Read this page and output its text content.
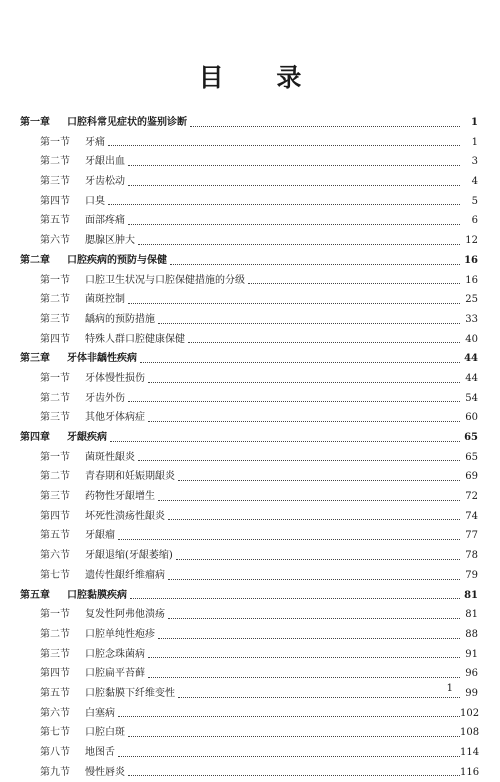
目 录
第一章	口腔科常见症状的鉴别诊断	1
第一节	牙痛	1
第二节	牙龈出血	3
第三节	牙齿松动	4
第四节	口臭	5
第五节	面部疼痛	6
第六节	腮腺区肿大	12
第二章	口腔疾病的预防与保健	16
第一节	口腔卫生状况与口腔保健措施的分级	16
第二节	菌斑控制	25
第三节	龋病的预防措施	33
第四节	特殊人群口腔健康保健	40
第三章	牙体非龋性疾病	44
第一节	牙体慢性损伤	44
第二节	牙齿外伤	54
第三节	其他牙体病症	60
第四章	牙龈疾病	65
第一节	菌斑性龈炎	65
第二节	青春期和妊娠期龈炎	69
第三节	药物性牙龈增生	72
第四节	坏死性溃疡性龈炎	74
第五节	牙龈瘤	77
第六节	牙龈退缩(牙龈萎缩)	78
第七节	遗传性龈纤维瘤病	79
第五章	口腔黏膜疾病	81
第一节	复发性阿弗他溃疡	81
第二节	口腔单纯性疱疹	88
第三节	口腔念珠菌病	91
第四节	口腔扁平苔藓	96
第五节	口腔黏膜下纤维变性	99
第六节	白塞病	102
第七节	口腔白斑	108
第八节	地图舌	114
第九节	慢性唇炎	116
1
